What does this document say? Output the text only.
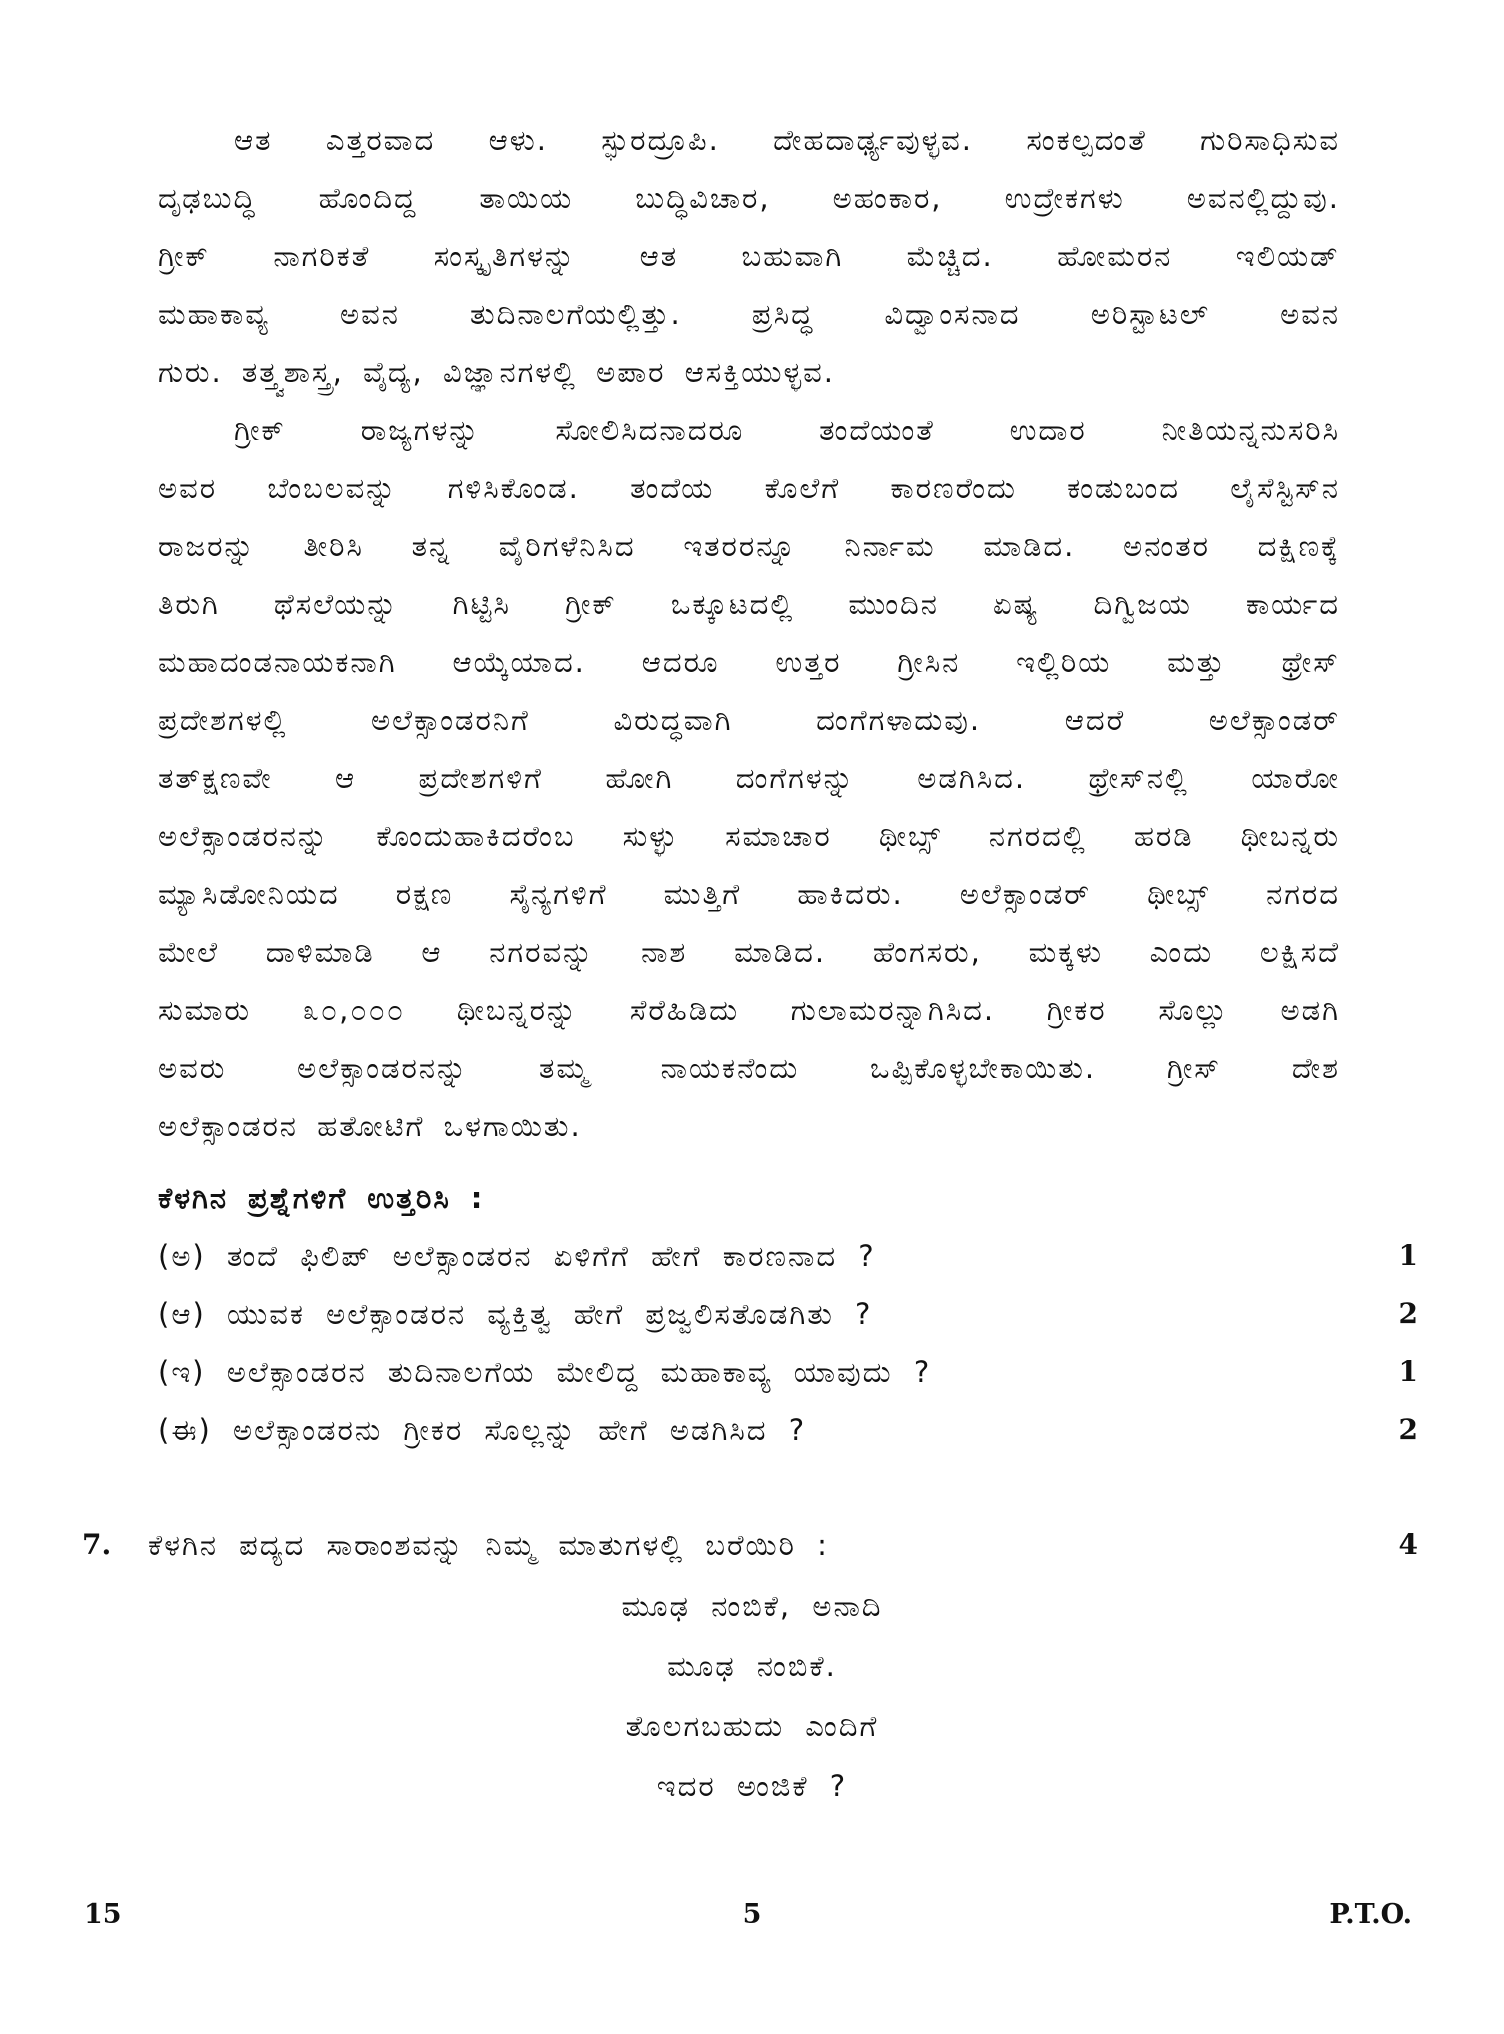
ಆತ ಎತ್ತರವಾದ ಆಳು. ಸ್ಫುರದ್ರೂಪಿ. ದೇಹದಾರ್ಢ್ಯವುಳ್ಳವ. ಸಂಕಲ್ಪದಂತೆ ಗುರಿಸಾಧಿಸುವ
ದೃಢಬುದ್ಧಿ ಹೊಂದಿದ್ದ ತಾಯಿಯ ಬುದ್ಧಿವಿಚಾರ, ಅಹಂಕಾರ, ಉದ್ರೇಕಗಳು ಅವನಲ್ಲಿದ್ದುವು.
ಗ್ರೀಕ್ ನಾಗರಿಕತೆ ಸಂಸ್ಕೃತಿಗಳನ್ನು ಆತ ಬಹುವಾಗಿ ಮೆಚ್ಚಿದ. ಹೋಮರನ ಇಲಿಯಡ್
ಮಹಾಕಾವ್ಯ ಅವನ ತುದಿನಾಲಗೆಯಲ್ಲಿತ್ತು. ಪ್ರಸಿದ್ಧ ವಿದ್ವಾಂಸನಾದ ಅರಿಸ್ಟಾಟಲ್ ಅವನ
ಗುರು. ತತ್ತ್ವಶಾಸ್ತ್ರ, ವೈದ್ಯ, ವಿಜ್ಞಾನಗಳಲ್ಲಿ ಅಪಾರ ಆಸಕ್ತಿಯುಳ್ಳವ.
ಗ್ರೀಕ್ ರಾಜ್ಯಗಳನ್ನು ಸೋಲಿಸಿದನಾದರೂ ತಂದೆಯಂತೆ ಉದಾರ ನೀತಿಯನ್ನನುಸರಿಸಿ
ಅವರ ಬೆಂಬಲವನ್ನು ಗಳಿಸಿಕೊಂಡ. ತಂದೆಯ ಕೊಲೆಗೆ ಕಾರಣರೆಂದು ಕಂಡುಬಂದ ಲೈಸೆಸ್ಟಿಸ್‌ನ
ರಾಜರನ್ನು ತೀರಿಸಿ ತನ್ನ ವೈರಿಗಳೆನಿಸಿದ ಇತರರನ್ನೂ ನಿರ್ನಾಮ ಮಾಡಿದ. ಅನಂತರ ದಕ್ಷಿಣಕ್ಕೆ
ತಿರುಗಿ ಥೆಸಲೆಯನ್ನು ಗಿಟ್ಟಿಸಿ ಗ್ರೀಕ್ ಒಕ್ಕೂಟದಲ್ಲಿ ಮುಂದಿನ ಏಷ್ಯ ದಿಗ್ವಿಜಯ ಕಾರ್ಯದ
ಮಹಾದಂಡನಾಯಕನಾಗಿ ಆಯ್ಕೆಯಾದ. ಆದರೂ ಉತ್ತರ ಗ್ರೀಸಿನ ಇಲ್ಲಿರಿಯ ಮತ್ತು ಥ್ರೇಸ್
ಪ್ರದೇಶಗಳಲ್ಲಿ ಅಲೆಕ್ಸಾಂಡರನಿಗೆ ವಿರುದ್ಧವಾಗಿ ದಂಗೆಗಳಾದುವು. ಆದರೆ ಅಲೆಕ್ಸಾಂಡರ್
ತತ್‌ಕ್ಷಣವೇ ಆ ಪ್ರದೇಶಗಳಿಗೆ ಹೋಗಿ ದಂಗೆಗಳನ್ನು ಅಡಗಿಸಿದ. ಥ್ರೇಸ್‌ನಲ್ಲಿ ಯಾರೋ
ಅಲೆಕ್ಸಾಂಡರನನ್ನು ಕೊಂದುಹಾಕಿದರೆಂಬ ಸುಳ್ಳು ಸಮಾಚಾರ ಥೀಬ್ಸ್ ನಗರದಲ್ಲಿ ಹರಡಿ ಥೀಬನ್ನರು
ಮ್ಯಾಸಿಡೋನಿಯದ ರಕ್ಷಣ ಸೈನ್ಯಗಳಿಗೆ ಮುತ್ತಿಗೆ ಹಾಕಿದರು. ಅಲೆಕ್ಸಾಂಡರ್ ಥೀಬ್ಸ್ ನಗರದ
ಮೇಲೆ ದಾಳಿಮಾಡಿ ಆ ನಗರವನ್ನು ನಾಶ ಮಾಡಿದ. ಹೆಂಗಸರು, ಮಕ್ಕಳು ಎಂದು ಲಕ್ಷಿಸದೆ
ಸುಮಾರು ೩೦,೦೦೦ ಥೀಬನ್ನರನ್ನು ಸೆರೆಹಿಡಿದು ಗುಲಾಮರನ್ನಾಗಿಸಿದ. ಗ್ರೀಕರ ಸೊಲ್ಲು ಅಡಗಿ
ಅವರು ಅಲೆಕ್ಸಾಂಡರನನ್ನು ತಮ್ಮ ನಾಯಕನೆಂದು ಒಪ್ಪಿಕೊಳ್ಳಬೇಕಾಯಿತು. ಗ್ರೀಸ್ ದೇಶ
ಅಲೆಕ್ಸಾಂಡರನ ಹತೋಟಿಗೆ ಒಳಗಾಯಿತು.
ಕೆಳಗಿನ ಪ್ರಶ್ನೆಗಳಿಗೆ ಉತ್ತರಿಸಿ :
(ಅ) ತಂದೆ ಫಿಲಿಪ್ ಅಲೆಕ್ಸಾಂಡರನ ಏಳಿಗೆಗೆ ಹೇಗೆ ಕಾರಣನಾದ ?	1
(ಆ) ಯುವಕ ಅಲೆಕ್ಸಾಂಡರನ ವ್ಯಕ್ತಿತ್ವ ಹೇಗೆ ಪ್ರಜ್ವಲಿಸತೊಡಗಿತು ?	2
(ಇ) ಅಲೆಕ್ಸಾಂಡರನ ತುದಿನಾಲಗೆಯ ಮೇಲಿದ್ದ ಮಹಾಕಾವ್ಯ ಯಾವುದು ?	1
(ಈ) ಅಲೆಕ್ಸಾಂಡರನು ಗ್ರೀಕರ ಸೊಲ್ಲನ್ನು ಹೇಗೆ ಅಡಗಿಸಿದ ?	2
7. ಕೆಳಗಿನ ಪದ್ಯದ ಸಾರಾಂಶವನ್ನು ನಿಮ್ಮ ಮಾತುಗಳಲ್ಲಿ ಬರೆಯಿರಿ :	4
ಮೂಢ ನಂಬಿಕೆ, ಅನಾದಿ
ಮೂಢ ನಂಬಿಕೆ.
ತೊಲಗಬಹುದು ಎಂದಿಗೆ
ಇದರ ಅಂಜಿಕೆ ?
15	5	P.T.O.
